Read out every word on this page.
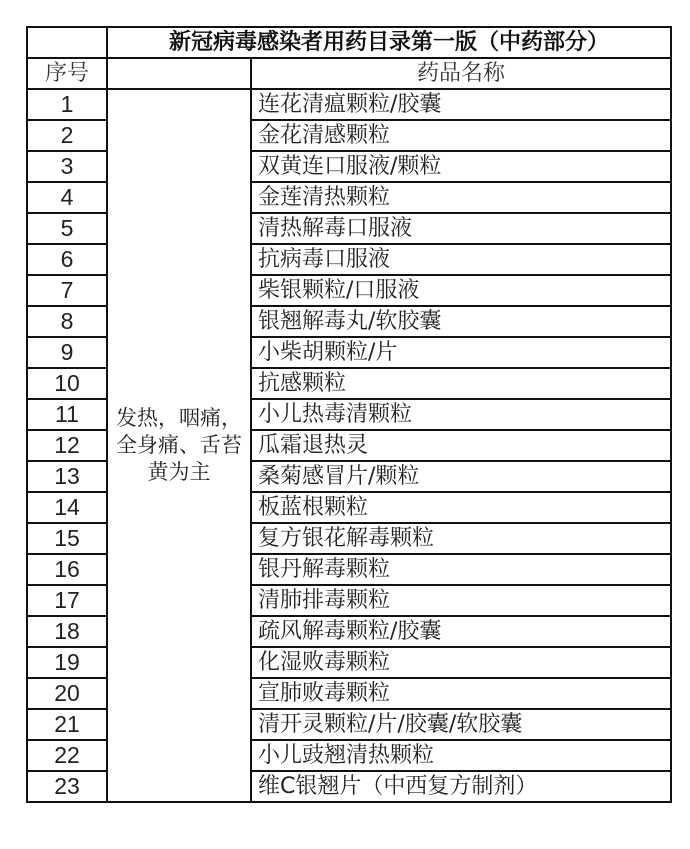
	新冠病毒感染者用药目录第一版（中药部分）	
序号		药品名称
1	发热，咽痛，全身痛、舌苔黄为主	连花清瘟颗粒/胶囊
2		金花清感颗粒
3		双黄连口服液/颗粒
4		金莲清热颗粒
5		清热解毒口服液
6		抗病毒口服液
7		柴银颗粒/口服液
8		银翘解毒丸/软胶囊
9		小柴胡颗粒/片
10		抗感颗粒
11		小儿热毒清颗粒
12		瓜霜退热灵
13		桑菊感冒片/颗粒
14		板蓝根颗粒
15		复方银花解毒颗粒
16		银丹解毒颗粒
17		清肺排毒颗粒
18		疏风解毒颗粒/胶囊
19		化湿败毒颗粒
20		宣肺败毒颗粒
21		清开灵颗粒/片/胶囊/软胶囊
22		小儿豉翘清热颗粒
23		维C银翘片（中西复方制剂）
